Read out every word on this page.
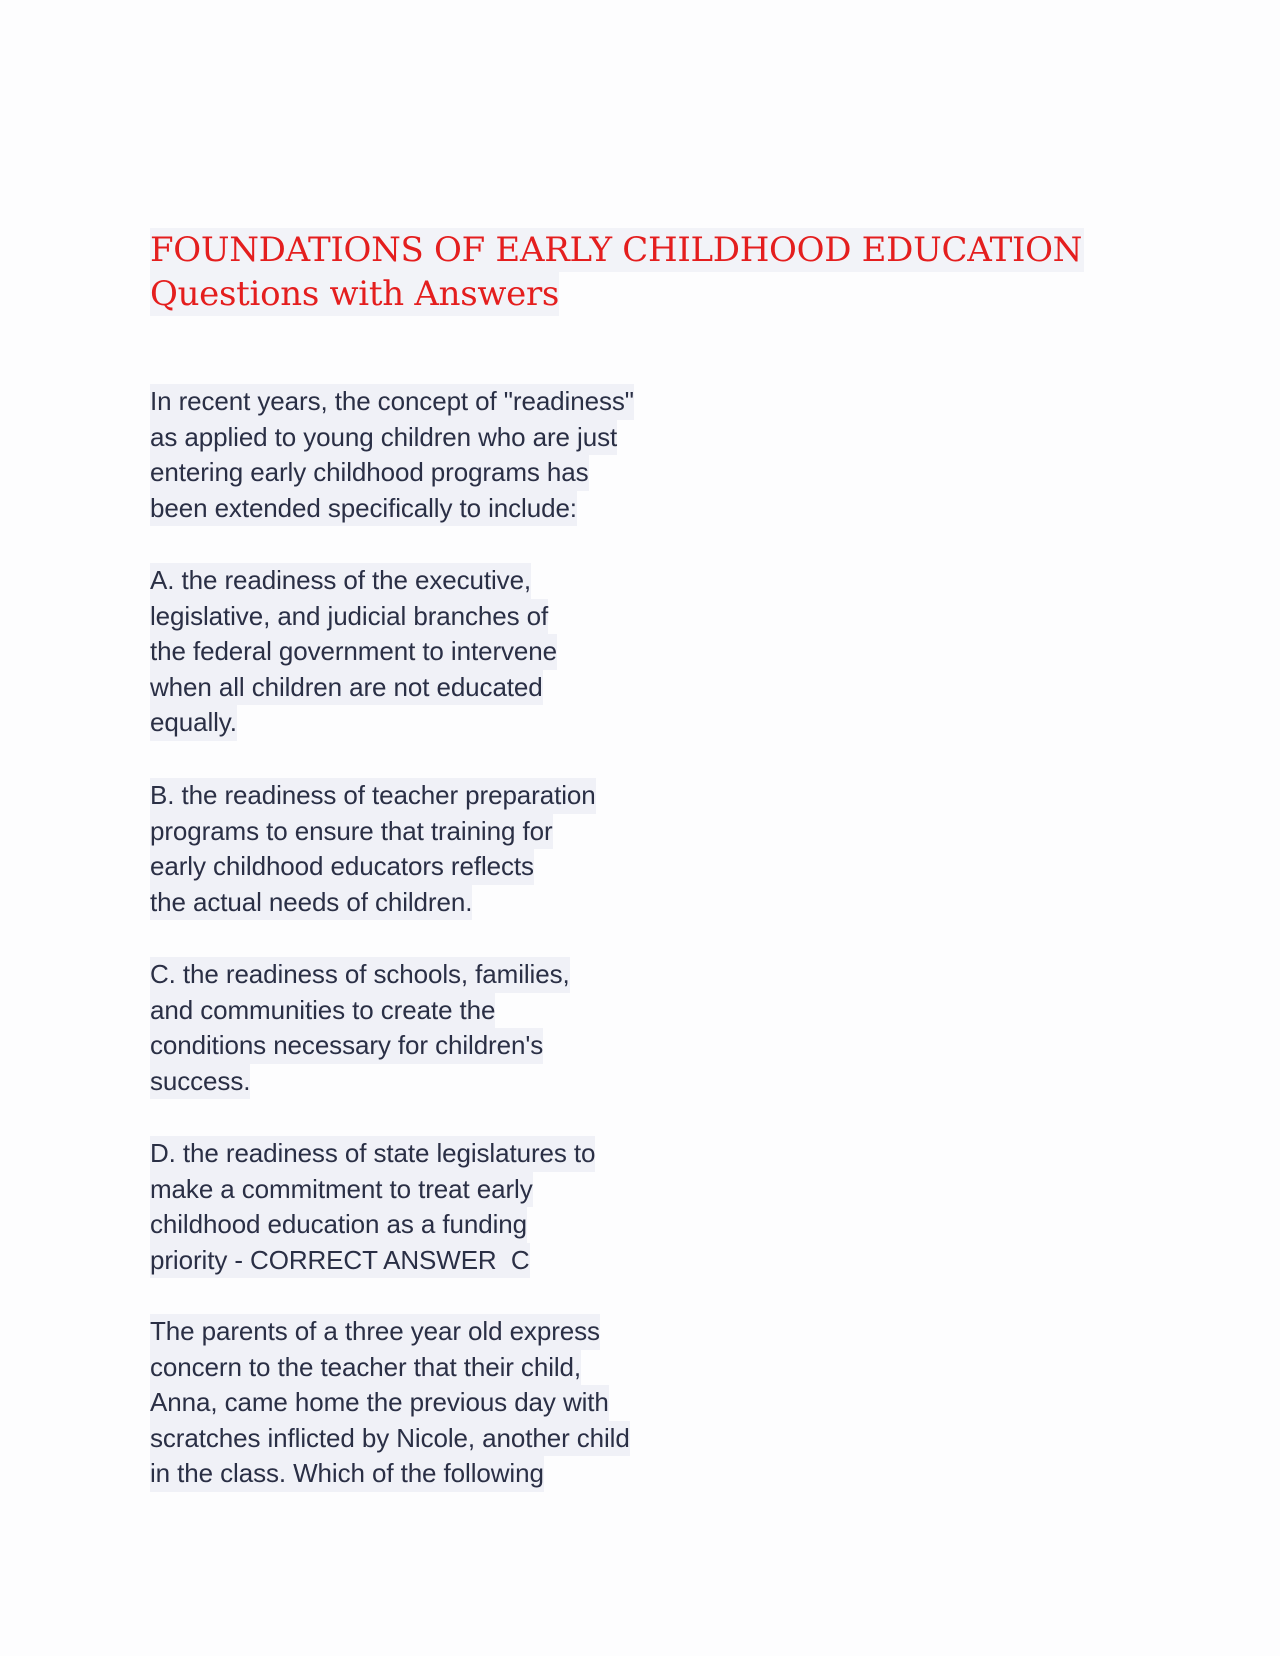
FOUNDATIONS OF EARLY CHILDHOOD EDUCATION
Questions with Answers
In recent years, the concept of "readiness"
as applied to young children who are just
entering early childhood programs has
been extended specifically to include:
A. the readiness of the executive,
legislative, and judicial branches of
the federal government to intervene
when all children are not educated
equally.
B. the readiness of teacher preparation
programs to ensure that training for
early childhood educators reflects
the actual needs of children.
C. the readiness of schools, families,
and communities to create the
conditions necessary for children's
success.
D. the readiness of state legislatures to
make a commitment to treat early
childhood education as a funding
priority - CORRECT ANSWER  C
The parents of a three year old express
concern to the teacher that their child,
Anna, came home the previous day with
scratches inflicted by Nicole, another child
in the class. Which of the following
